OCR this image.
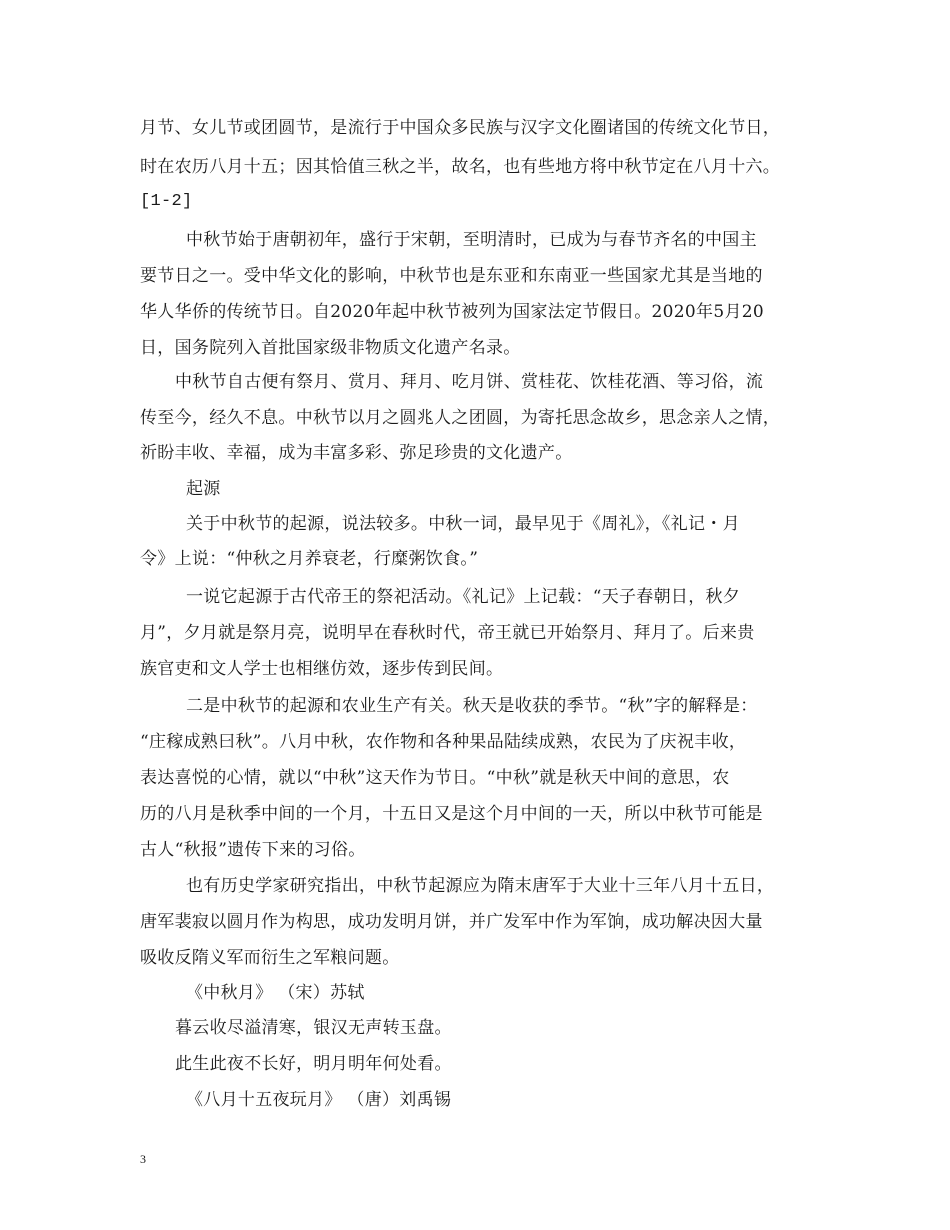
月节、女儿节或团圆节，是流行于中国众多民族与汉字文化圈诸国的传统文化节日，
时在农历八月十五；因其恰值三秋之半，故名，也有些地方将中秋节定在八月十六。
[1-2]
中秋节始于唐朝初年，盛行于宋朝，至明清时，已成为与春节齐名的中国主
要节日之一。受中华文化的影响，中秋节也是东亚和东南亚一些国家尤其是当地的
华人华侨的传统节日。自2020年起中秋节被列为国家法定节假日。2020年5月20
日，国务院列入首批国家级非物质文化遗产名录。
中秋节自古便有祭月、赏月、拜月、吃月饼、赏桂花、饮桂花酒、等习俗，流
传至今，经久不息。中秋节以月之圆兆人之团圆，为寄托思念故乡，思念亲人之情，
祈盼丰收、幸福，成为丰富多彩、弥足珍贵的文化遗产。
起源
关于中秋节的起源，说法较多。中秋一词，最早见于《周礼》，《礼记・月
令》上说：“仲秋之月养衰老，行糜粥饮食。”
一说它起源于古代帝王的祭祀活动。《礼记》上记载：“天子春朝日，秋夕
月”，夕月就是祭月亮，说明早在春秋时代，帝王就已开始祭月、拜月了。后来贵
族官吏和文人学士也相继仿效，逐步传到民间。
二是中秋节的起源和农业生产有关。秋天是收获的季节。“秋”字的解释是：
“庄稼成熟曰秋”。八月中秋，农作物和各种果品陆续成熟，农民为了庆祝丰收，
表达喜悦的心情，就以“中秋”这天作为节日。“中秋”就是秋天中间的意思，农
历的八月是秋季中间的一个月，十五日又是这个月中间的一天，所以中秋节可能是
古人“秋报”遗传下来的习俗。
也有历史学家研究指出，中秋节起源应为隋末唐军于大业十三年八月十五日，
唐军裴寂以圆月作为构思，成功发明月饼，并广发军中作为军饷，成功解决因大量
吸收反隋义军而衍生之军粮问题。
《中秋月》 （宋）苏轼
暮云收尽溢清寒，银汉无声转玉盘。
此生此夜不长好，明月明年何处看。
《八月十五夜玩月》 （唐）刘禹锡
3
